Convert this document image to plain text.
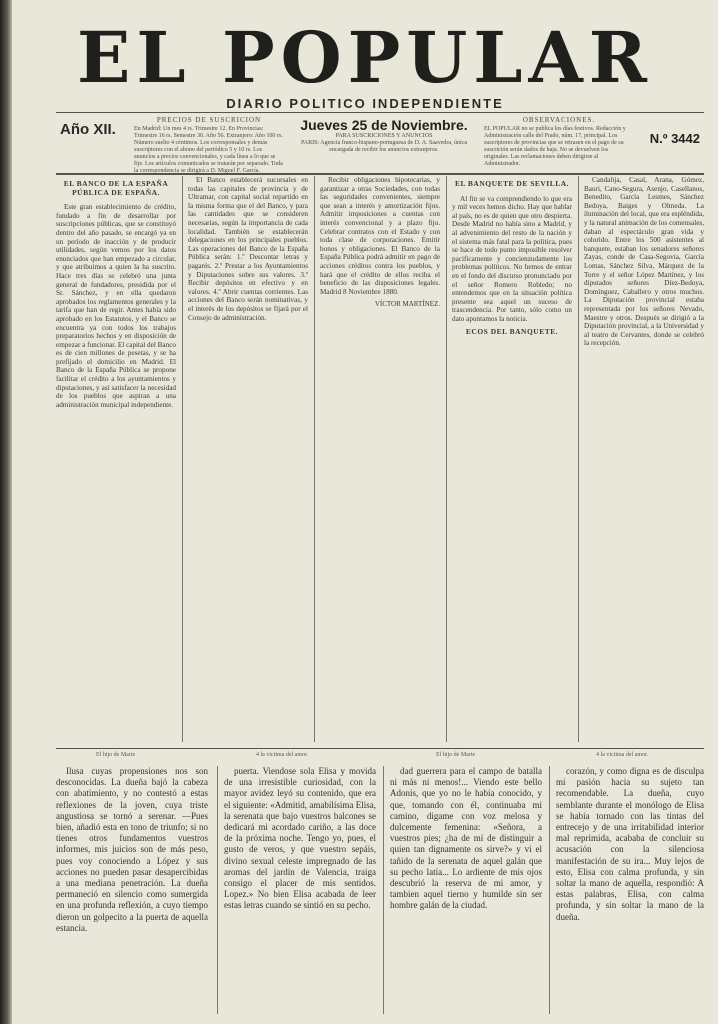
EL POPULAR
DIARIO POLITICO INDEPENDIENTE
Año XII.
PRECIOS DE SUSCRICIÓN
En Madrid: Un mes 4 rs. Trimestre 12. En Provincias: Trimestre 16 rs. Semestre 30. Año 56. Extranjero: Año 100 rs. Número suelto 4 céntimos. Los corresponsales y demás suscriptores con el abono del periódico 5 y 10 rs. Los anuncios a precios convencionales, y cada línea a lo que se fije. Los artículos comunicados se tratarán por separado. Toda la correspondencia se dirigirá a D. Miguel F. García.
Jueves 25 de Noviembre.
PARA SUSCRICIONES Y ANUNCIOS
PARIS: Agencia franco-hispano-portuguesa de D. A. Saavedra, única encargada de recibir los anuncios extranjeros.
OBSERVACIONES.
EL POPULAR no se publica los días festivos. Redacción y Administración calle del Prado, núm. 17, principal. Los suscriptores de provincias que se retrasen en el pago de su suscrición serán dados de baja. No se devuelven los originales. Las reclamaciones deben dirigirse al Administrador.
N.º 3442
EL BANCO DE LA ESPAÑA PÚBLICA DE ESPAÑA.

Este gran establecimiento de crédito, fundado a fin de desarrollar por suscripciones públicas, que se constituyó dentro del año pasado, se encargó ya en un período de inacción y de producir utilidades, según vemos por los datos enunciados que han empezado a circular, y que atribuimos a quien la ha suscrito. Hace tres días se celebró una junta general de fundadores, presidida por el Sr. Sánchez, y en ella quedaron aprobados los reglamentos generales y la tarifa que han de regir. Antes había sido aprobado en los Estatutos, y el Banco se encuentra ya con todos los trabajos preparatorios hechos y en disposición de empezar a funcionar. El capital del Banco es de cien millones de pesetas, y se ha prefijado el domicilio en Madrid. El Banco de la España Pública se propone facilitar el crédito a los ayuntamientos y diputaciones, y así satisfacer la necesidad de los pueblos que aspiran a una administración municipal independiente.

El Banco establecerá sucursales en todas las capitales de provincia y de Ultramar, con capital social repartido en la misma forma que el del Banco, y para las cantidades que se consideren necesarias, según la importancia de cada localidad. También se establecerán delegaciones en los principales pueblos. Las operaciones del Banco de la España Pública serán: 1.º Descontar letras y pagarés. 2.º Prestar a los Ayuntamientos y Diputaciones sobre sus valores. 3.º Recibir depósitos en efectivo y en valores. 4.º Abrir cuentas corrientes. Las acciones del Banco serán nominativas, y el interés de los depósitos se fijará por el Consejo de administración.

Recibir obligaciones hipotecarias, y garantizar a otras Sociedades, con todas las seguridades convenientes, siempre que sean a interés y amortización fijos. Admitir imposiciones a cuentas con interés convencional y a plazo fijo. Celebrar contratos con el Estado y con toda clase de corporaciones. Emitir bonos y obligaciones. El Banco de la España Pública podrá admitir en pago de acciones créditos contra los pueblos, y hará que el crédito de ellos reciba el beneficio de las disposiciones legales. Madrid 8 Noviembre 1880.

VÍCTOR MARTÍNEZ.
EL BANQUETE DE SEVILLA.

Al fin se va comprendiendo lo que era y mil veces hemos dicho. Hay que hablar al país, no es de quien que otro despierta. Desde Madrid no había sino a Madrid, y al advenimiento del resto de la nación y el sistema más fatal para la política, pues se hace de todo punto imposible resolver pacificamente y concienzudamente los problemas políticos. No hemos de entrar en el fondo del discurso pronunciado por el señor Romero Robledo; no entendemos que en la situación política presente sea aquel un suceso de trascendencia. Por tanto, sólo como un dato apuntamos la noticia.

ECOS DEL BANQUETE.

Candalija, Casal, Arana, Gómez, Bauri, Cano-Segura, Asenjo, Casellanos, Benedito, García Lesmes, Sánchez Bedoya, Baiges y Olmeda. La iluminación del local, que era espléndida, y la natural animación de los comensales, daban al espectáculo gran vida y colorido. Entre los 500 asistentes al banquete, estaban los senadores señores Zayas, conde de Casa-Segovia, García Lomas, Sánchez Silva, Márquez de la Torre y el señor López Martínez, y los diputados señores Díez-Bedoya, Domínguez, Caballero y otros muchos. La Diputación provincial estaba representada por los señores Nevado, Maestre y otros. Después se dirigió a la Diputación provincial, a la Universidad y al teatro de Cervantes, donde se celebró la recepción.

El hijo de Marte	4 la victima del amor.	El hijo de Marte	4 la victima del amor.

Ilusa cuyas propensiones nos son desconocidas. La dueña bajó la cabeza con abatimiento, y no contestó a estas reflexiones de la joven, cuya triste angustiosa se tornó a serenar. —Pues bien, añadió esta en tono de triunfo; si no tienes otros fundamentos vuestros informes, mis juicios son de más peso, pues voy conociendo a López y sus acciones no pueden pasar desapercibidas a una mediana penetración. La dueña permaneció en silencio como sumergida en una profunda reflexión, a cuyo tiempo dieron un golpecito a la puerta de aquella estancia.

puerta. Viendose sola Elisa y movida de una irresistible curiosidad, con la mayor avidez leyó su contenido, que era el siguiente: «Admitid, amabilísima Elisa, la serenata que bajo vuestros balcones se dedicará mi acordado cariño, a las doce de la próxima noche. Tengo yo, pues, el gusto de veros, y que vuestro sepáis, divino sexual celeste impregnado de las aromas del jardín de Valencia, traiga consigo el placer de mis sentidos. Lopez.» No bien Elisa acabada de leer estas letras cuando se sintió en su pecho.

dad guerrera para el campo de batalla ni más ni menos!... Viendo este bello Adonis, que yo no le había conocido, y que, tomando con él, continuaba mi camino, digame con voz melosa y dulcemente femenina: «Señora, a vuestros pies; ¿ha de mí de distinguir a quien tan dignamente os sirve?» y vi el tañido de la serenata de aquel galán que su pecho latía... Lo ardiente de mis ojos descubrió la reserva de mi amor, y tambien aquel tierno y humilde sin ser hombre galán de la ciudad.

corazón, y como digna es de disculpa mi pasión hacia su sujeto tan recomendable. La dueña, cuyo semblante durante el monólogo de Elisa se había tornado con las tintas del entrecejo y de una irritabilidad interior mal reprimida, acababa de concluir su acusación con la silenciosa manifestación de su ira... Muy lejos de esto, Elisa con calma profunda, y sin soltar la mano de aquella, respondió: A estas palabras, Elisa, con calma profunda, y sin soltar la mano de la dueña.
